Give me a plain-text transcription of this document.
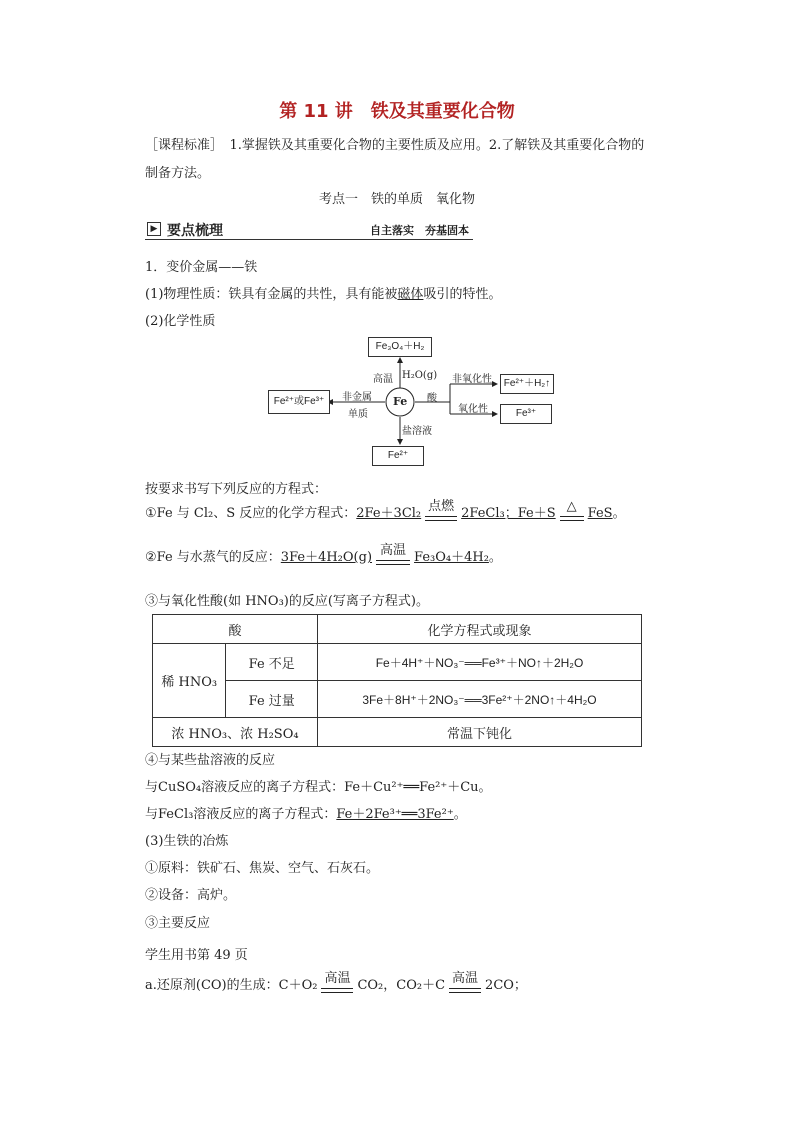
第 11 讲　铁及其重要化合物
［课程标准］　1.掌握铁及其重要化合物的主要性质及应用。2.了解铁及其重要化合物的
制备方法。
考点一　铁的单质　氧化物
▶ 要点梳理	自主落实　夯基固本
1．变价金属——铁
(1)物理性质：铁具有金属的共性，具有能被磁体吸引的特性。
(2)化学性质
Fe
Fe₃O₄＋H₂
Fe²⁺或Fe³⁺
Fe²⁺＋H₂↑
Fe³⁺
Fe²⁺
高温 H₂O(g)
非金属
单质
酸
非氧化性
氧化性
盐溶液
按要求书写下列反应的方程式：
①Fe 与 Cl₂、S 反应的化学方程式：2Fe＋3Cl₂ 点燃 2FeCl₃；Fe＋S △ FeS。
②Fe 与水蒸气的反应：3Fe＋4H₂O(g) 高温 Fe₃O₄＋4H₂。
③与氧化性酸(如 HNO₃)的反应(写离子方程式)。
酸		化学方程式或现象
稀 HNO₃	Fe 不足	Fe＋4H⁺＋NO₃⁻══Fe³⁺＋NO↑＋2H₂O
	Fe 过量	3Fe＋8H⁺＋2NO₃⁻══3Fe²⁺＋2NO↑＋4H₂O
浓 HNO₃、浓 H₂SO₄		常温下钝化
④与某些盐溶液的反应
与CuSO₄溶液反应的离子方程式：Fe＋Cu²⁺══Fe²⁺＋Cu。
与FeCl₃溶液反应的离子方程式：Fe＋2Fe³⁺══3Fe²⁺。
(3)生铁的冶炼
①原料：铁矿石、焦炭、空气、石灰石。
②设备：高炉。
③主要反应
学生用书第 49 页
a.还原剂(CO)的生成：C＋O₂ 高温 CO₂，CO₂＋C 高温 2CO；
